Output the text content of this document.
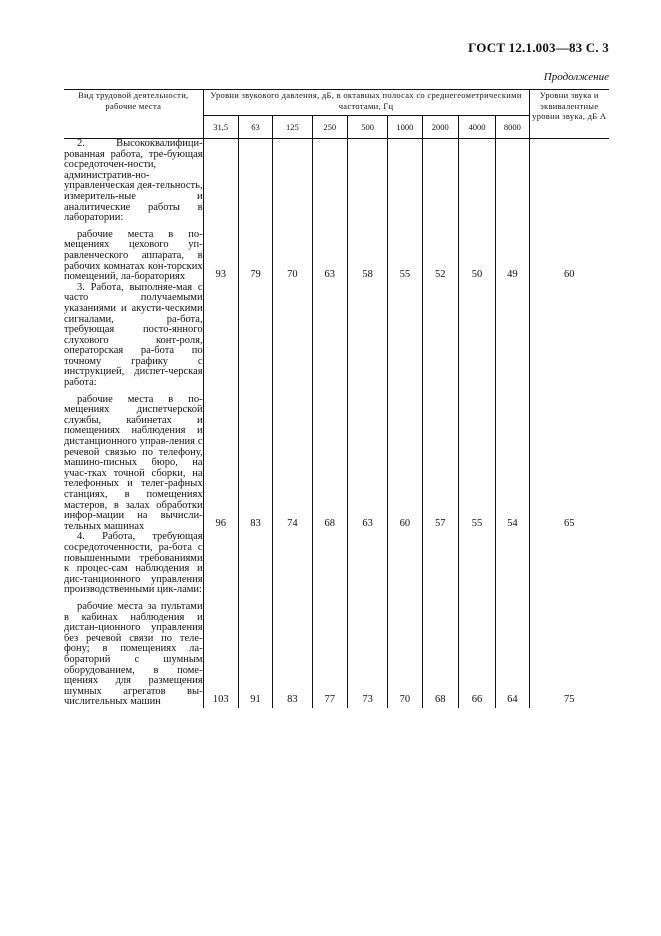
ГОСТ 12.1.003—83 С. 3
Продолжение
Вид трудовой деятельности, рабочие места	Уровни звукового давления, дБ, в октавных полосах со среднегеометрическими частотами, Гц									Уровни звука и эквивалентные уровни звука, дБ А
	31,5	63	125	250	500	1000	2000	4000	8000	

2. Высококвалифици-рованная работа, тре-бующая сосредоточен-ности, административ-но-управленческая дея-тельность, измеритель-ные и аналитические работы в лаборатории:										

рабочие места в по-мещениях цехового уп-равленческого аппарата, в рабочих комнатах кон-торских помещений, ла-бораториях	93	79	70	63	58	55	52	50	49	60

3. Работа, выполняе-мая с часто получаемыми указаниями и акусти-ческими сигналами, ра-бота, требующая посто-янного слухового конт-роля, операторская ра-бота по точному графику с инструкцией, диспет-черская работа:										

рабочие места в по-мещениях диспетчерской службы, кабинетах и помещениях наблюдения и дистанционного управ-ления с речевой связью по телефону, машино-писных бюро, на учас-тках точной сборки, на телефонных и телег-рафных станциях, в помещениях мастеров, в залах обработки инфор-мации на вычисли-тельных машинах	96	83	74	68	63	60	57	55	54	65

4. Работа, требующая сосредоточенности, ра-бота с повышенными требованиями к процес-сам наблюдения и дис-танционного управления производственными цик-лами:										

рабочие места за пультами в кабинах наблюдения и дистан-ционного управления без речевой связи по теле-фону; в помещениях ла-бораторий с шумным оборудованием, в поме-щениях для размещения шумных агрегатов вы-числительных машин	103	91	83	77	73	70	68	66	64	75
